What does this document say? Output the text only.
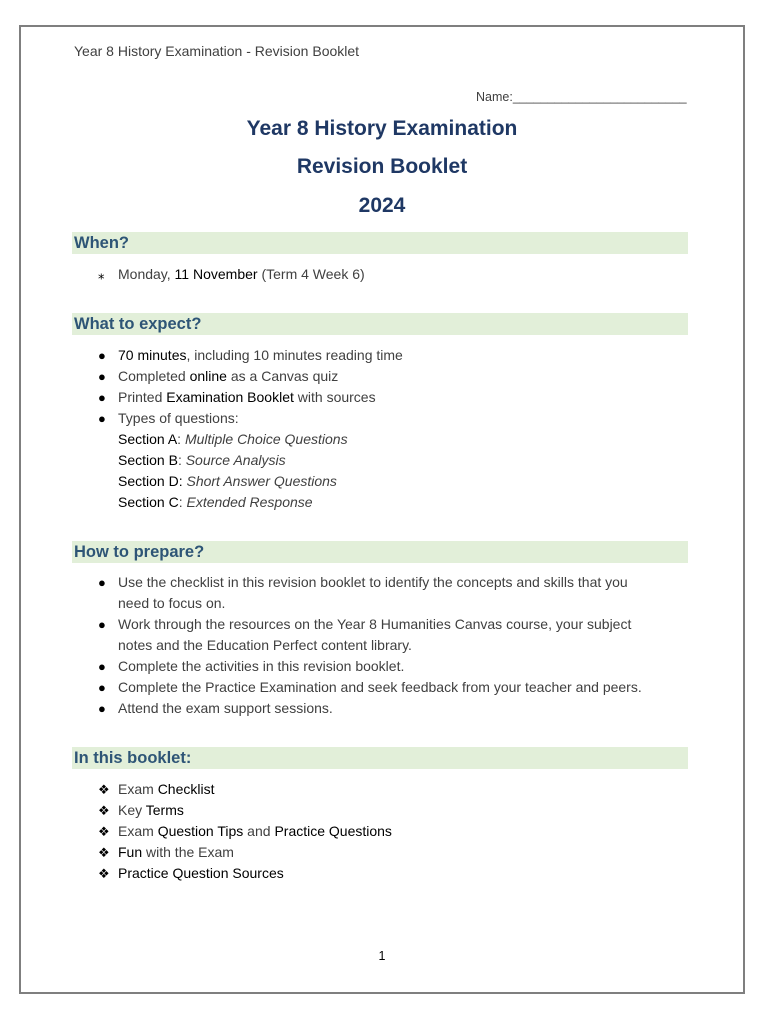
Year 8 History Examination - Revision Booklet
Name:_________________________
Year 8 History Examination
Revision Booklet
2024
When?
⁎ Monday, 11 November (Term 4 Week 6)
What to expect?
● 70 minutes, including 10 minutes reading time
● Completed online as a Canvas quiz
● Printed Examination Booklet with sources
● Types of questions:
Section A: Multiple Choice Questions
Section B: Source Analysis
Section D: Short Answer Questions
Section C: Extended Response
How to prepare?
● Use the checklist in this revision booklet to identify the concepts and skills that you
need to focus on.
● Work through the resources on the Year 8 Humanities Canvas course, your subject
notes and the Education Perfect content library.
● Complete the activities in this revision booklet.
● Complete the Practice Examination and seek feedback from your teacher and peers.
● Attend the exam support sessions.
In this booklet:
❖ Exam Checklist
❖ Key Terms
❖ Exam Question Tips and Practice Questions
❖ Fun with the Exam
❖ Practice Question Sources
1
